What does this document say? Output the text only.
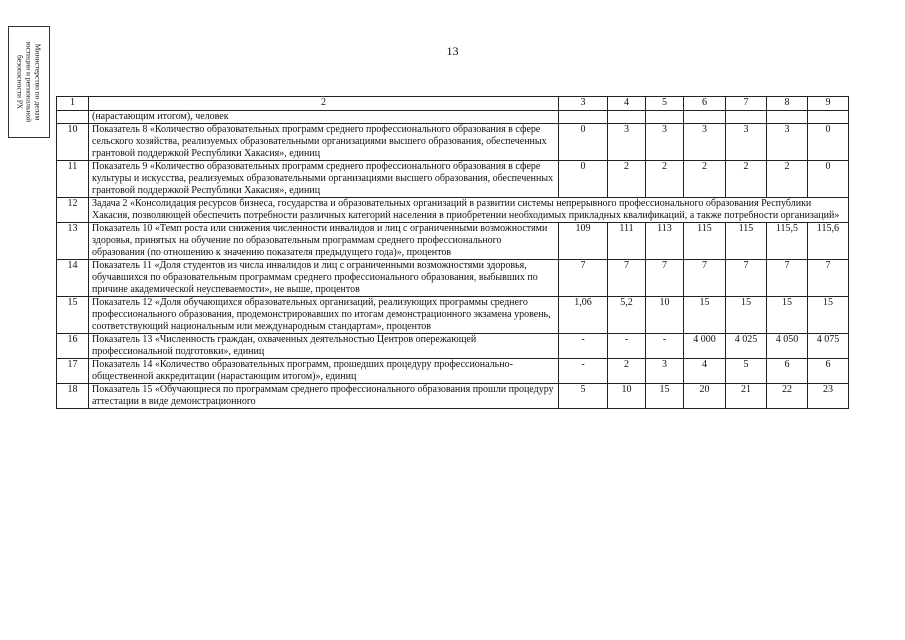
13
Министерство по делам
юстиции и региональной
безопасности РХ	1	2	3	4	5	6	7	8	9
	(нарастающим итогом), человек							
10	Показатель 8 «Количество образовательных программ среднего профессионального образования в сфере сельского хозяйства, реализуемых образовательными организациями высшего образования, обеспеченных грантовой поддержкой Республики Хакасия», единиц	0	3	3	3	3	3	0
11	Показатель 9 «Количество образовательных программ среднего профессионального образования в сфере культуры и искусства, реализуемых образовательными организациями высшего образования, обеспеченных грантовой поддержкой Республики Хакасия», единиц	0	2	2	2	2	2	0
12	Задача 2 «Консолидация ресурсов бизнеса, государства и образовательных организаций в развитии системы непрерывного профессионального образования Республики Хакасия, позволяющей обеспечить потребности различных категорий населения в приобретении необходимых прикладных квалификаций, а также потребности организаций»							
13	Показатель 10 «Темп роста или снижения численности инвалидов и лиц с ограниченными возможностями здоровья, принятых на обучение по образовательным программам среднего профессионального образования (по отношению к значению показателя предыдущего года)», процентов	109	111	113	115	115	115,5	115,6
14	Показатель 11 «Доля студентов из числа инвалидов и лиц с ограниченными возможностями здоровья, обучавшихся по образовательным программам среднего профессионального образования, выбывших по причине академической неуспеваемости», не выше, процентов	7	7	7	7	7	7	7
15	Показатель 12 «Доля обучающихся образовательных организаций, реализующих программы среднего профессионального образования, продемонстрировавших по итогам демонстрационного экзамена уровень, соответствующий национальным или международным стандартам», процентов	1,06	5,2	10	15	15	15	15
16	Показатель 13 «Численность граждан, охваченных деятельностью Центров опережающей профессиональной подготовки», единиц	-	-	-	4 000	4 025	4 050	4 075
17	Показатель 14 «Количество образовательных программ, прошедших процедуру профессионально-общественной аккредитации (нарастающим итогом)», единиц	-	2	3	4	5	6	6
18	Показатель 15 «Обучающиеся по программам среднего профессионального образования прошли процедуру аттестации в виде демонстрационного	5	10	15	20	21	22	23
